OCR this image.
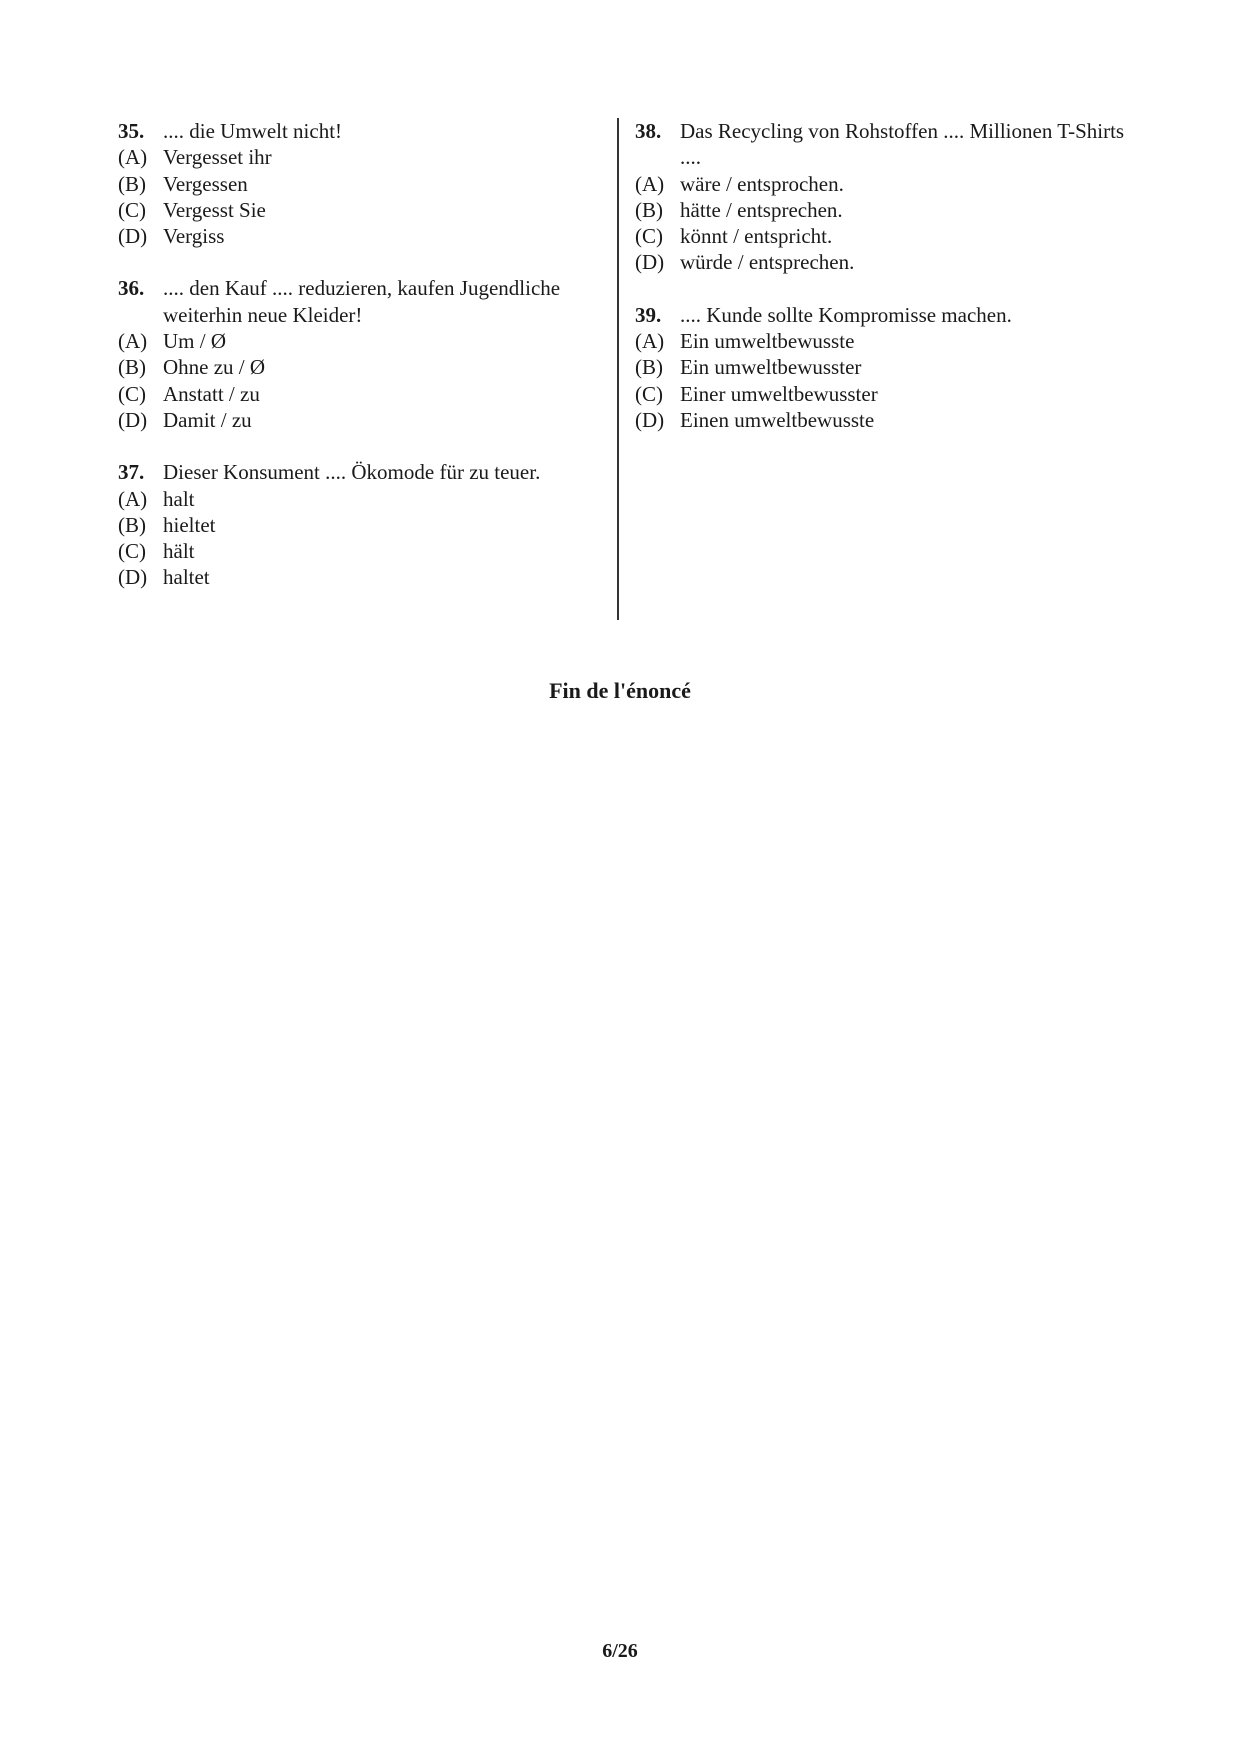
35. .... die Umwelt nicht!
(A) Vergesset ihr
(B) Vergessen
(C) Vergesst Sie
(D) Vergiss
36. .... den Kauf .... reduzieren, kaufen Jugendliche weiterhin neue Kleider!
(A) Um / Ø
(B) Ohne zu / Ø
(C) Anstatt / zu
(D) Damit / zu
37. Dieser Konsument .... Ökomode für zu teuer.
(A) halt
(B) hieltet
(C) hält
(D) haltet
38. Das Recycling von Rohstoffen .... Millionen T-Shirts ....
(A) wäre / entsprochen.
(B) hätte / entsprechen.
(C) könnt / entspricht.
(D) würde / entsprechen.
39. .... Kunde sollte Kompromisse machen.
(A) Ein umweltbewusste
(B) Ein umweltbewusster
(C) Einer umweltbewusster
(D) Einen umweltbewusste
Fin de l'énoncé
6/26
